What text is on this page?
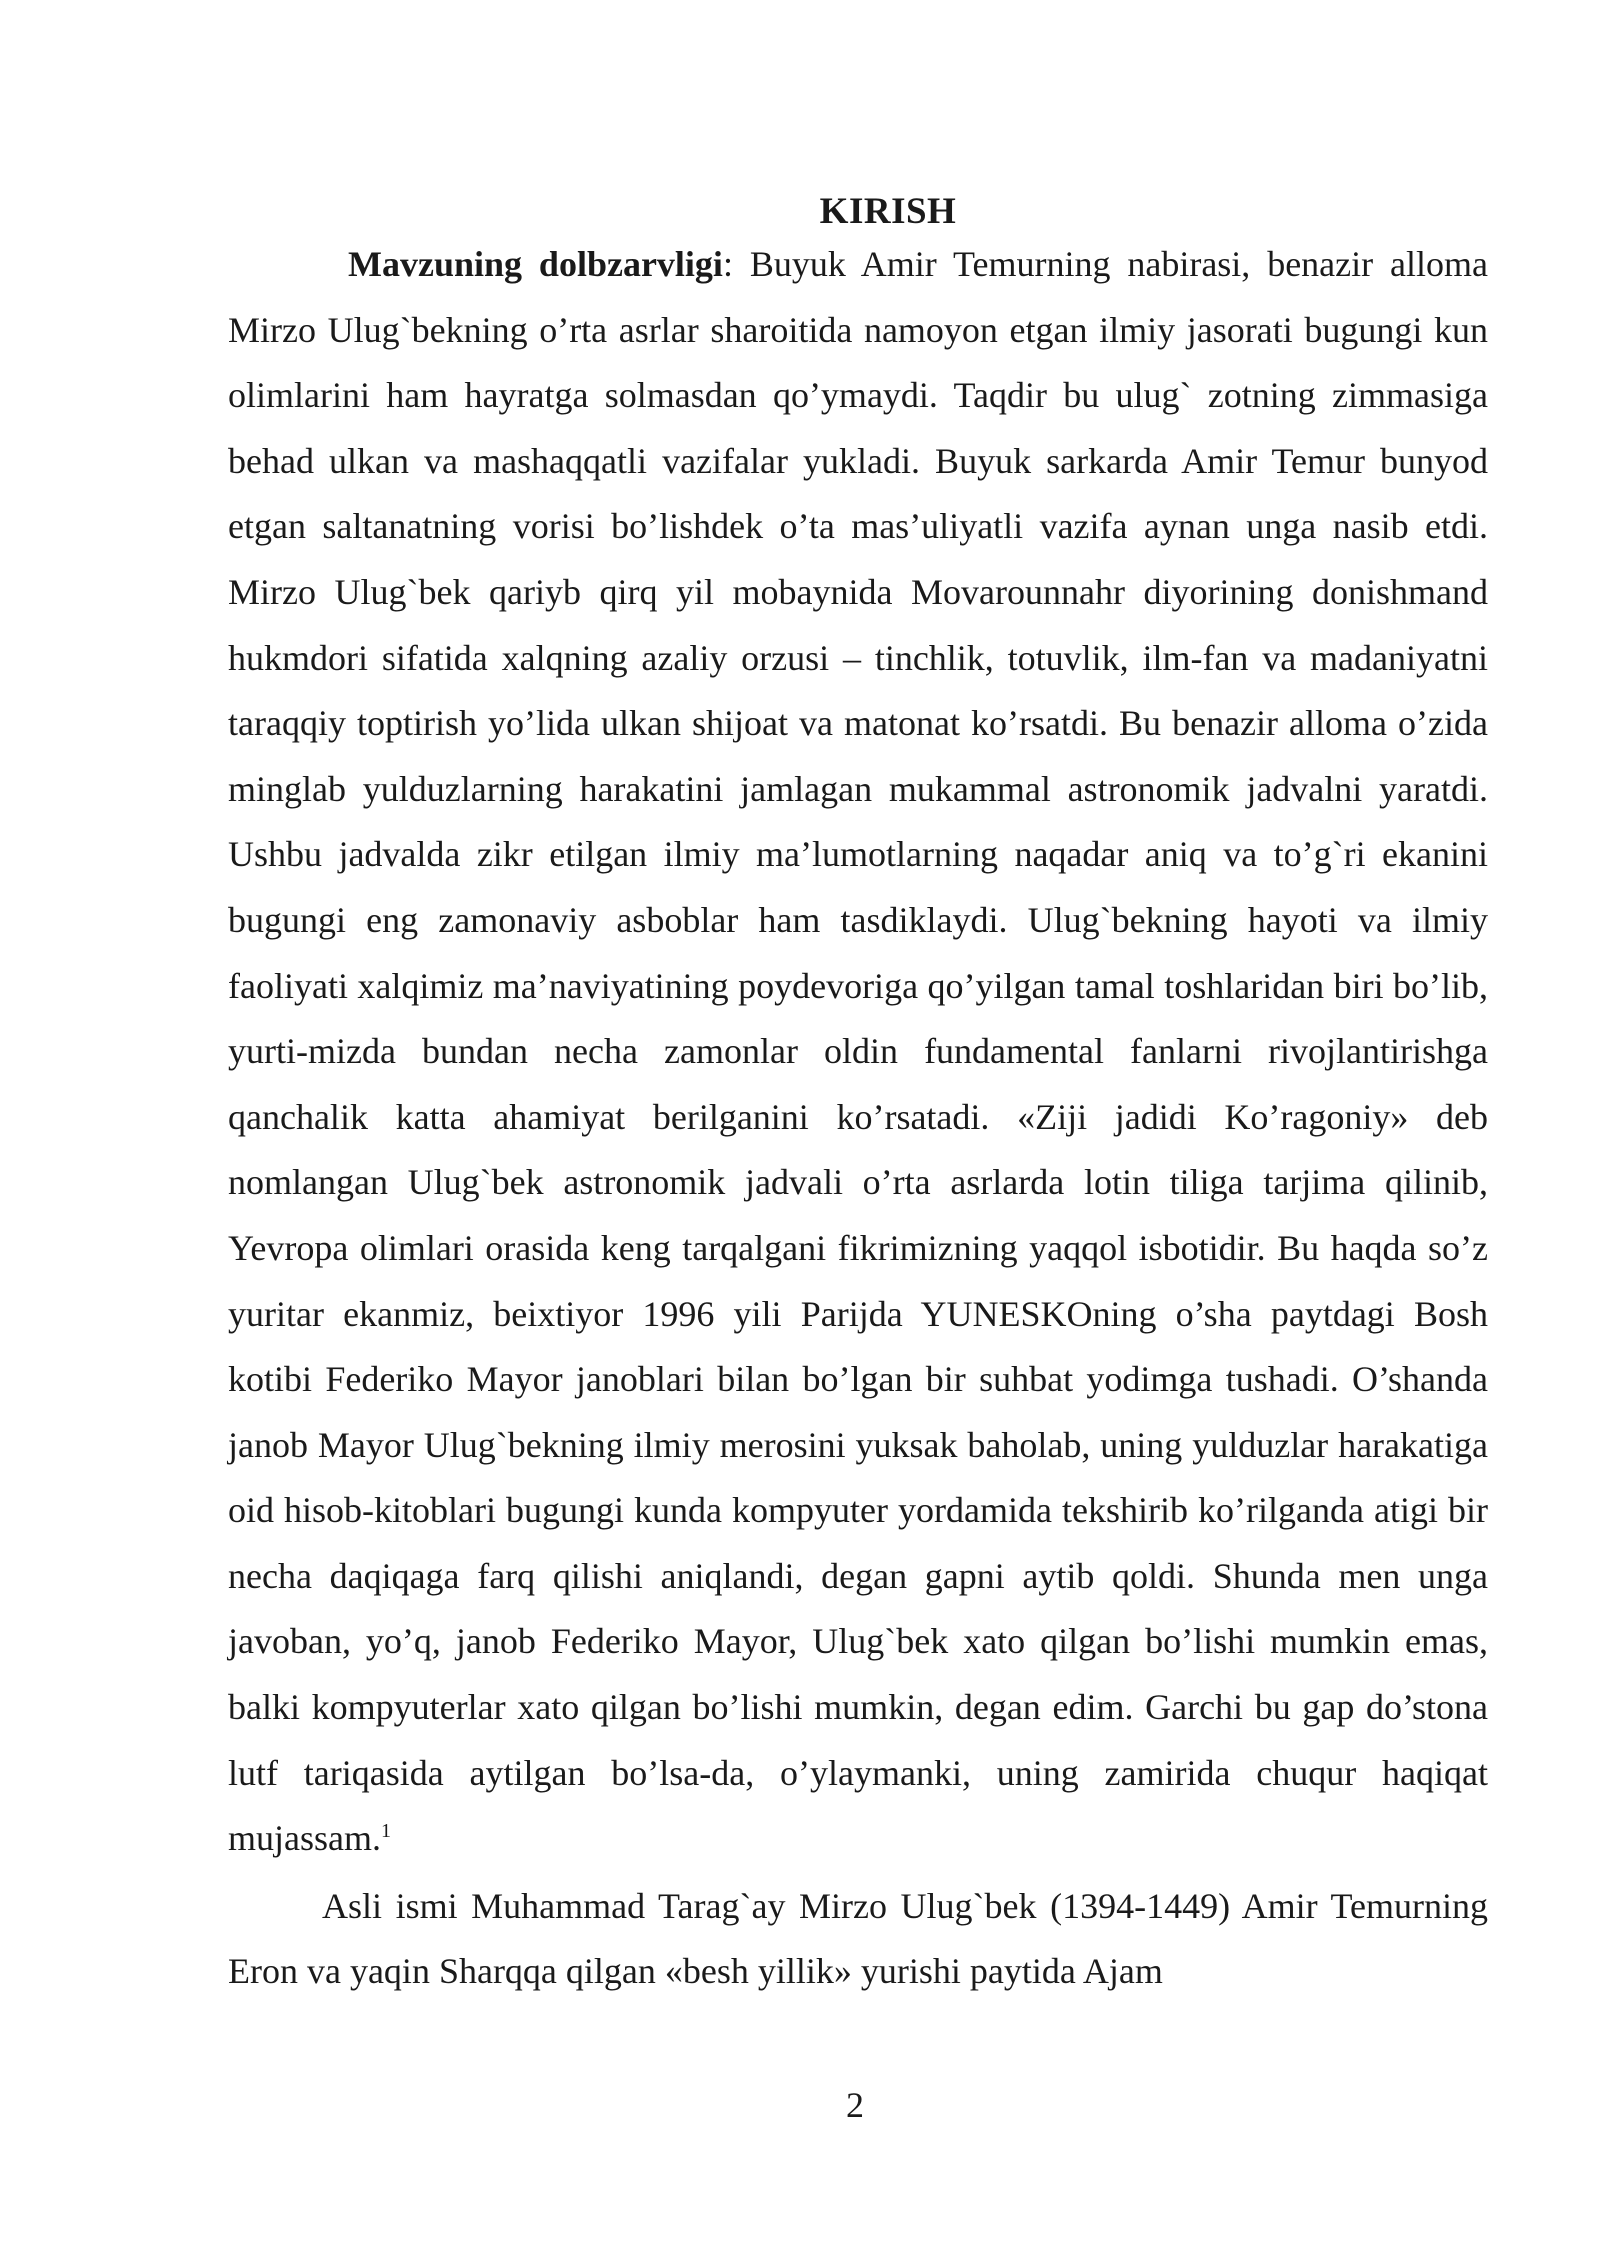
KIRISH

Mavzuning dolbzarvligi: Buyuk Amir Temurning nabirasi, benazir alloma Mirzo Ulug`bekning o’rta asrlar sharoitida namoyon etgan ilmiy jasorati bugungi kun olimlarini ham hayratga solmasdan qo’ymaydi. Taqdir bu ulug` zotning zimmasiga behad ulkan va mashaqqatli vazifalar yukladi. Buyuk sarkarda Amir Temur bunyod etgan saltanatning vorisi bo’lishdek o’ta mas’uliyatli vazifa aynan unga nasib etdi. Mirzo Ulug`bek qariyb qirq yil mobaynida Movarounnahr diyorining donishmand hukmdori sifatida xalqning azaliy orzusi – tinchlik, totuvlik, ilm-fan va madaniyatni taraqqiy toptirish yo’lida ulkan shijoat va matonat ko’rsatdi. Bu benazir alloma o’zida minglab yulduzlarning harakatini jamlagan mukammal astronomik jadvalni yaratdi. Ushbu jadvalda zikr etilgan ilmiy ma’lumotlarning naqadar aniq va to’g`ri ekanini bugungi eng zamonaviy asboblar ham tasdiklaydi. Ulug`bekning hayoti va ilmiy faoliyati xalqimiz ma’naviyatining poydevoriga qo’yilgan tamal toshlaridan biri bo’lib, yurti-mizda bundan necha zamonlar oldin fundamental fanlarni rivojlantirishga qanchalik katta ahamiyat berilganini ko’rsatadi. «Ziji jadidi Ko’ragoniy» deb nomlangan Ulug`bek astronomik jadvali o’rta asrlarda lotin tiliga tarjima qilinib, Yevropa olimlari orasida keng tarqalgani fikrimizning yaqqol isbotidir. Bu haqda so’z yuritar ekanmiz, beixtiyor 1996 yili Parijda YUNESKOning o’sha paytdagi Bosh kotibi Federiko Mayor janoblari bilan bo’lgan bir suhbat yodimga tushadi. O’shanda janob Mayor Ulug`bekning ilmiy merosini yuksak baholab, uning yulduzlar harakatiga oid hisob-kitoblari bugungi kunda kompyuter yordamida tekshirib ko’rilganda atigi bir necha daqiqaga farq qilishi aniqlandi, degan gapni aytib qoldi. Shunda men unga javoban, yo’q, janob Federiko Mayor, Ulug`bek xato qilgan bo’lishi mumkin emas, balki kompyuterlar xato qilgan bo’lishi mumkin, degan edim. Garchi bu gap do’stona lutf tariqasida aytilgan bo’lsa-da, o’ylaymanki, uning zamirida chuqur haqiqat mujassam.$^1$

Asli ismi Muhammad Tarag`ay Mirzo Ulug`bek (1394-1449) Amir Temurning Eron va yaqin Sharqqa qilgan «besh yillik» yurishi paytida Ajam

2
